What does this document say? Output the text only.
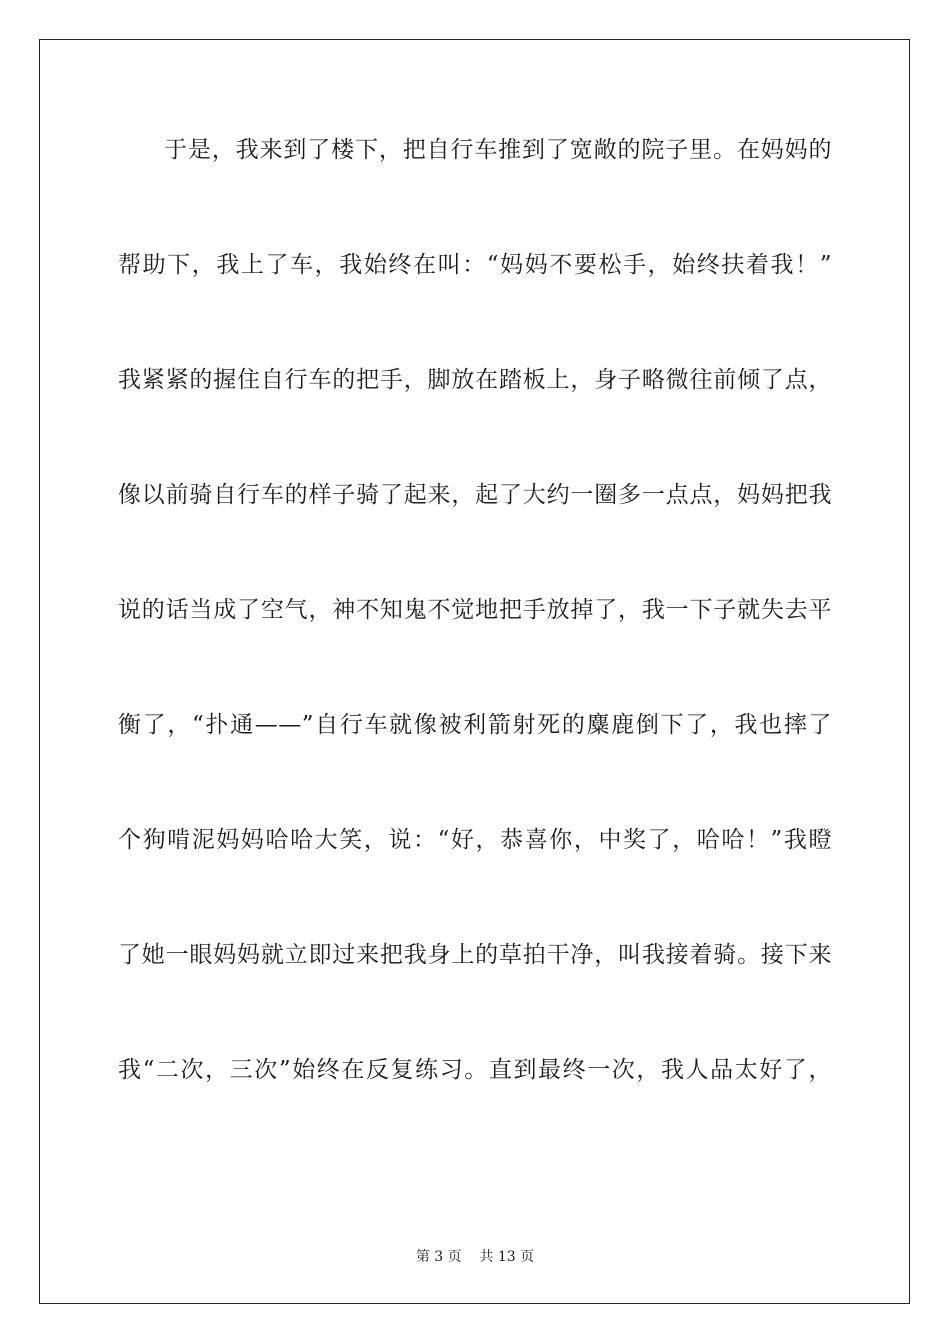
于是，我来到了楼下，把自行车推到了宽敞的院子里。在妈妈的
帮助下，我上了车，我始终在叫：“妈妈不要松手，始终扶着我！”
我紧紧的握住自行车的把手，脚放在踏板上，身子略微往前倾了点，
像以前骑自行车的样子骑了起来，起了大约一圈多一点点，妈妈把我
说的话当成了空气，神不知鬼不觉地把手放掉了，我一下子就失去平
衡了，“扑通——”自行车就像被利箭射死的麋鹿倒下了，我也摔了
个狗啃泥妈妈哈哈大笑，说：“好，恭喜你，中奖了，哈哈！”我瞪
了她一眼妈妈就立即过来把我身上的草拍干净，叫我接着骑。接下来
我“二次，三次”始终在反复练习。直到最终一次，我人品太好了，
第 3 页    共 13 页
